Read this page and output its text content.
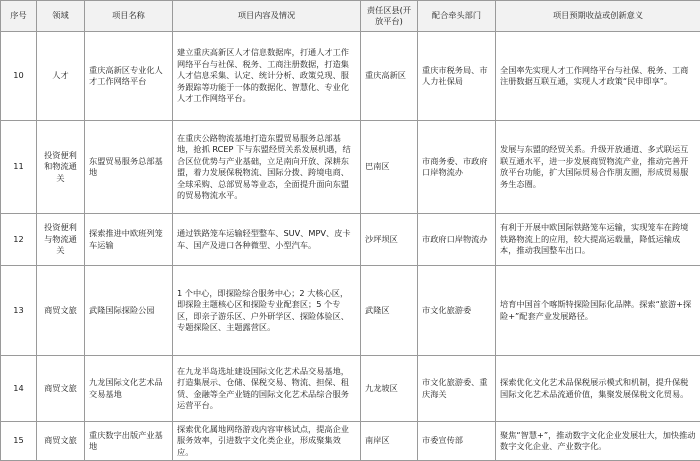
序号	领域	项目名称	项目内容及情况	责任区县(开放平台)	配合牵头部门	项目预期收益或创新意义
10	人才	重庆高新区专业化人才工作网络平台	建立重庆高新区人才信息数据库，打通人才工作网络平台与社保、税务、工商注册数据，打造集人才信息采集、认定、统计分析、政策兑现、服务跟踪等功能于一体的数据化、智慧化、专业化人才工作网络平台。	重庆高新区	重庆市税务局、市人力社保局	全国率先实现人才工作网络平台与社保、税务、工商注册数据互联互通，实现人才政策“民申即享”。
11	投资便利和物流通关	东盟贸易服务总部基地	在重庆公路物流基地打造东盟贸易服务总部基地，抢抓 RCEP 下与东盟经贸关系发展机遇，结合区位优势与产业基础，立足南向开放、深耕东盟，着力发展保税物流、国际分拨、跨境电商、全球采购、总部贸易等业态，全面提升面向东盟的贸易物流水平。	巴南区	市商务委、市政府口岸物流办	发展与东盟的经贸关系。升级开放通道、多式联运互联互通水平，进一步发展商贸物流产业，推动完善开放平台功能，扩大国际贸易合作朋友圈，形成贸易服务生态圈。
12	投资便利与物流通关	探索推进中欧班列笼车运输	通过铁路笼车运输轻型整车、SUV、MPV、皮卡车、国产及进口各种微型、小型汽车。	沙坪坝区	市政府口岸物流办	有利于开展中欧国际铁路笼车运输，实现笼车在跨境铁路物流上的应用，较大提高运载量，降低运输成本，推动我国整车出口。
13	商贸文旅	武隆国际探险公园	1 个中心，即探险综合服务中心；2 大核心区，即探险主题核心区和探险专业配套区；5 个专区，即亲子游乐区、户外研学区、探险体验区、专题探险区、主题露营区。	武隆区	市文化旅游委	培育中国首个喀斯特探险国际化品牌。探索“旅游+探险+”配套产业发展路径。
14	商贸文旅	九龙国际文化艺术品交易基地	在九龙半岛选址建设国际文化艺术品交易基地，打造集展示、仓储、保税交易、物流、担保、租赁、金融等全产业链的国际文化艺术品综合服务运营平台。	九龙坡区	市文化旅游委、重庆海关	探索优化文化艺术品保税展示模式和机制，提升保税国际文化艺术品流通价值，集聚发展保税文化贸易。
15	商贸文旅	重庆数字出版产业基地	探索优化属地网络游戏内容审核试点，提高企业服务效率，引进数字文化类企业，形成聚集效应。	南岸区	市委宣传部	聚焦“智慧+”，推动数字文化企业发展壮大，加快推动数字文化企业、产业数字化。
